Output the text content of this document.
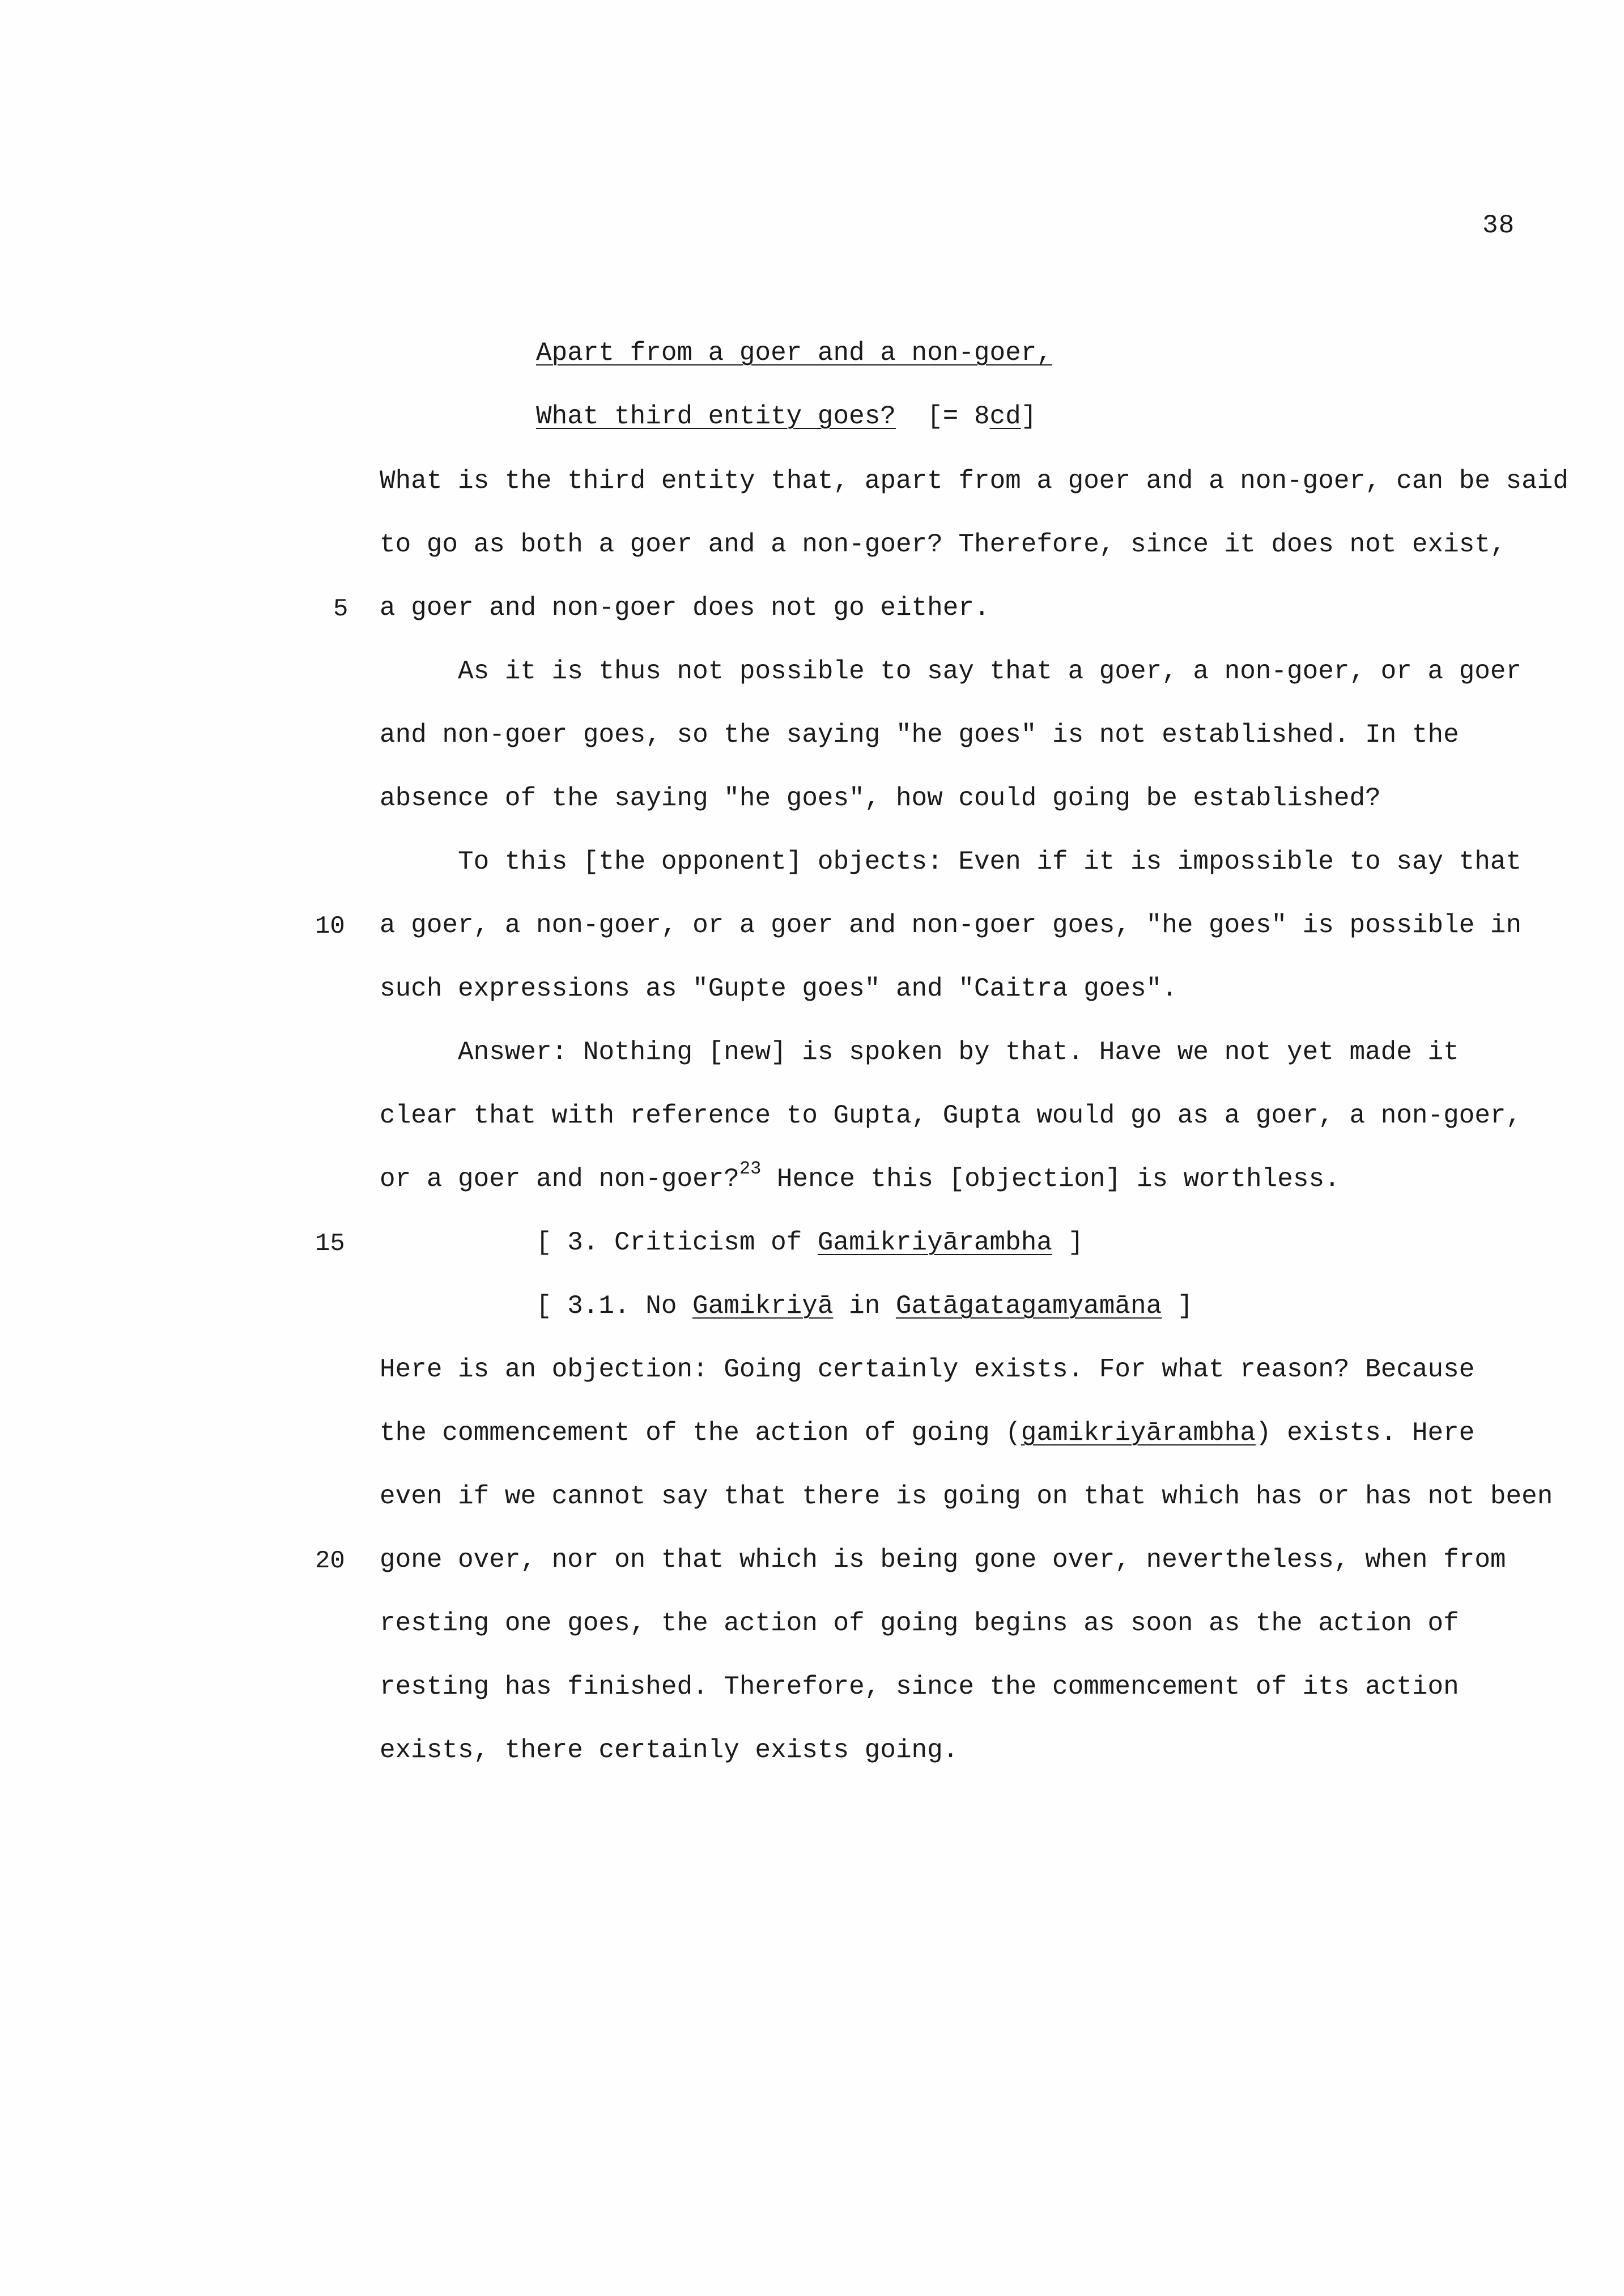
38
Apart from a goer and a non-goer,
What third entity goes? [= 8cd]
What is the third entity that, apart from a goer and a non-goer, can be said
to go as both a goer and a non-goer? Therefore, since it does not exist,
a goer and non-goer does not go either.
As it is thus not possible to say that a goer, a non-goer, or a goer
and non-goer goes, so the saying "he goes" is not established. In the
absence of the saying "he goes", how could going be established?
To this [the opponent] objects: Even if it is impossible to say that
a goer, a non-goer, or a goer and non-goer goes, "he goes" is possible in
such expressions as "Gupte goes" and "Caitra goes".
Answer: Nothing [new] is spoken by that. Have we not yet made it
clear that with reference to Gupta, Gupta would go as a goer, a non-goer,
or a goer and non-goer?$^{23}$ Hence this [objection] is worthless.
[ 3. Criticism of Gamikriyārambha ]
[ 3.1. No Gamikriyā in Gatāgatagamyamāna ]
Here is an objection: Going certainly exists. For what reason? Because
the commencement of the action of going (gamikriyārambha) exists. Here
even if we cannot say that there is going on that which has or has not been
gone over, nor on that which is being gone over, nevertheless, when from
resting one goes, the action of going begins as soon as the action of
resting has finished. Therefore, since the commencement of its action
exists, there certainly exists going.
5
10
15
20
